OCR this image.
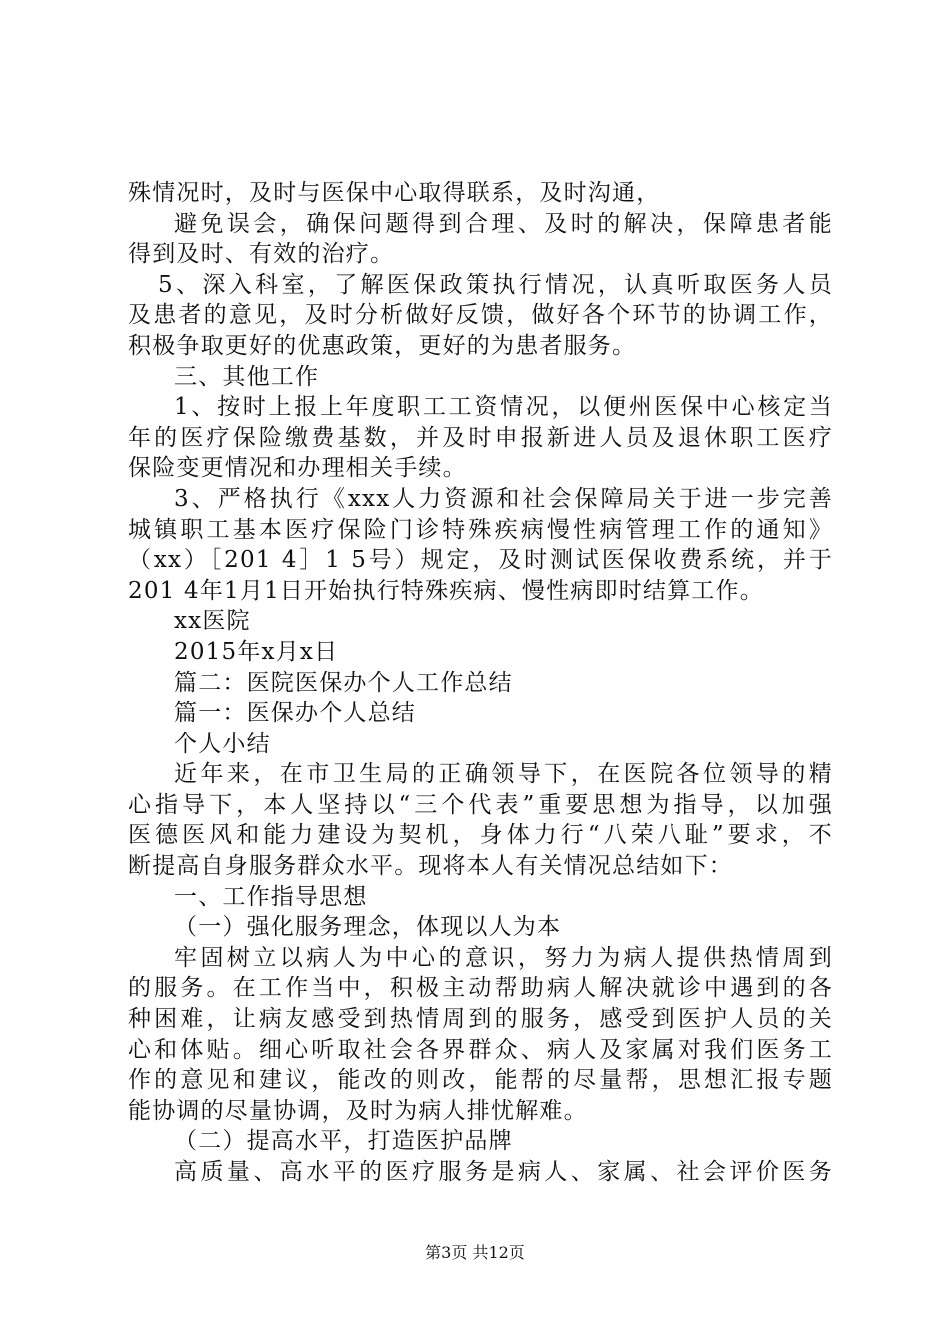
殊情况时，及时与医保中心取得联系，及时沟通，
避免误会，确保问题得到合理、及时的解决，保障患者能
得到及时、有效的治疗。
5、深入科室，了解医保政策执行情况，认真听取医务人员
及患者的意见，及时分析做好反馈，做好各个环节的协调工作，
积极争取更好的优惠政策，更好的为患者服务。
三、其他工作
1、按时上报上年度职工工资情况，以便州医保中心核定当
年的医疗保险缴费基数，并及时申报新进人员及退休职工医疗
保险变更情况和办理相关手续。
3、严格执行《xxx人力资源和社会保障局关于进一步完善
城镇职工基本医疗保险门诊特殊疾病慢性病管理工作的通知》
（xx）［201 4］1 5号）规定，及时测试医保收费系统，并于
201 4年1月1日开始执行特殊疾病、慢性病即时结算工作。
xx医院
2015年x月x日
篇二：医院医保办个人工作总结
篇一：医保办个人总结
个人小结
近年来，在市卫生局的正确领导下，在医院各位领导的精
心指导下，本人坚持以“三个代表”重要思想为指导，以加强
医德医风和能力建设为契机，身体力行“八荣八耻”要求，不
断提高自身服务群众水平。现将本人有关情况总结如下：
一、工作指导思想
（一）强化服务理念，体现以人为本
牢固树立以病人为中心的意识，努力为病人提供热情周到
的服务。在工作当中，积极主动帮助病人解决就诊中遇到的各
种困难，让病友感受到热情周到的服务，感受到医护人员的关
心和体贴。细心听取社会各界群众、病人及家属对我们医务工
作的意见和建议，能改的则改，能帮的尽量帮，思想汇报专题
能协调的尽量协调，及时为病人排忧解难。
（二）提高水平，打造医护品牌
高质量、高水平的医疗服务是病人、家属、社会评价医务
第3页 共12页
